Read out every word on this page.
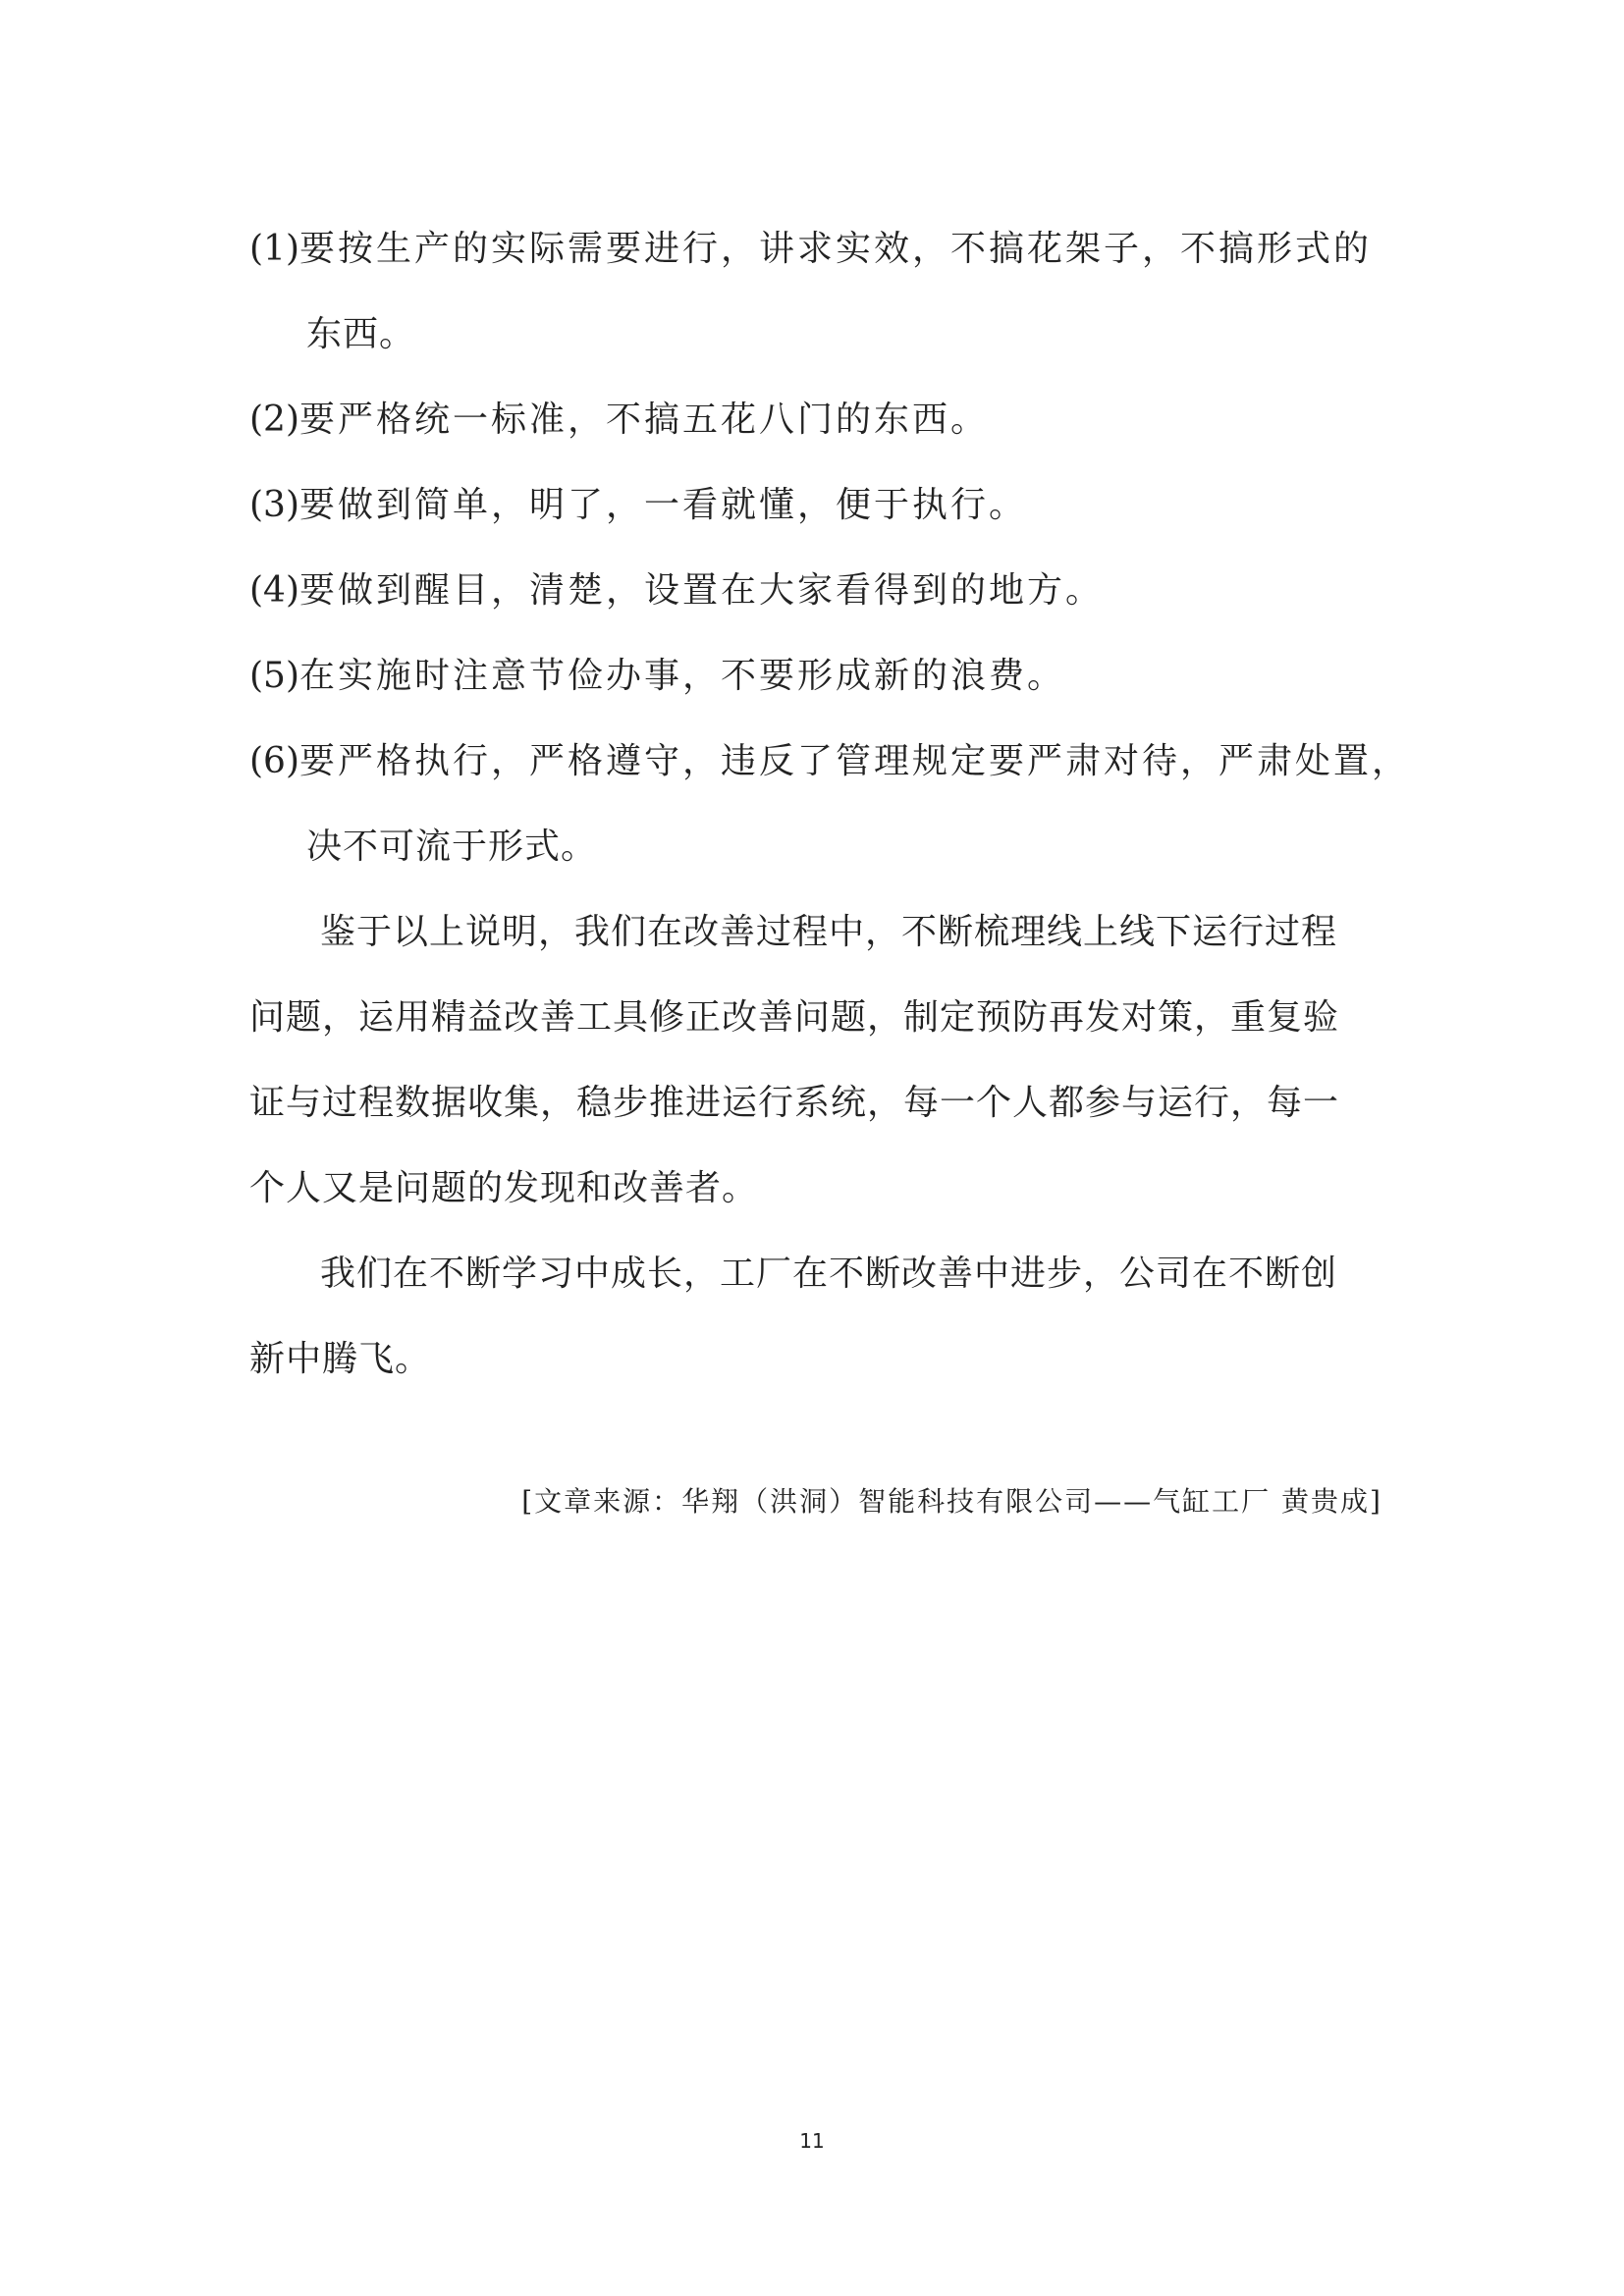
(1)要按生产的实际需要进行，讲求实效，不搞花架子，不搞形式的
东西。
(2)要严格统一标准，不搞五花八门的东西。
(3)要做到简单，明了，一看就懂，便于执行。
(4)要做到醒目，清楚，设置在大家看得到的地方。
(5)在实施时注意节俭办事，不要形成新的浪费。
(6)要严格执行，严格遵守，违反了管理规定要严肃对待，严肃处置，
决不可流于形式。
鉴于以上说明，我们在改善过程中，不断梳理线上线下运行过程
问题，运用精益改善工具修正改善问题，制定预防再发对策，重复验
证与过程数据收集，稳步推进运行系统，每一个人都参与运行，每一
个人又是问题的发现和改善者。
我们在不断学习中成长，工厂在不断改善中进步，公司在不断创
新中腾飞。
[文章来源：华翔（洪洞）智能科技有限公司——气缸工厂 黄贵成]
11
